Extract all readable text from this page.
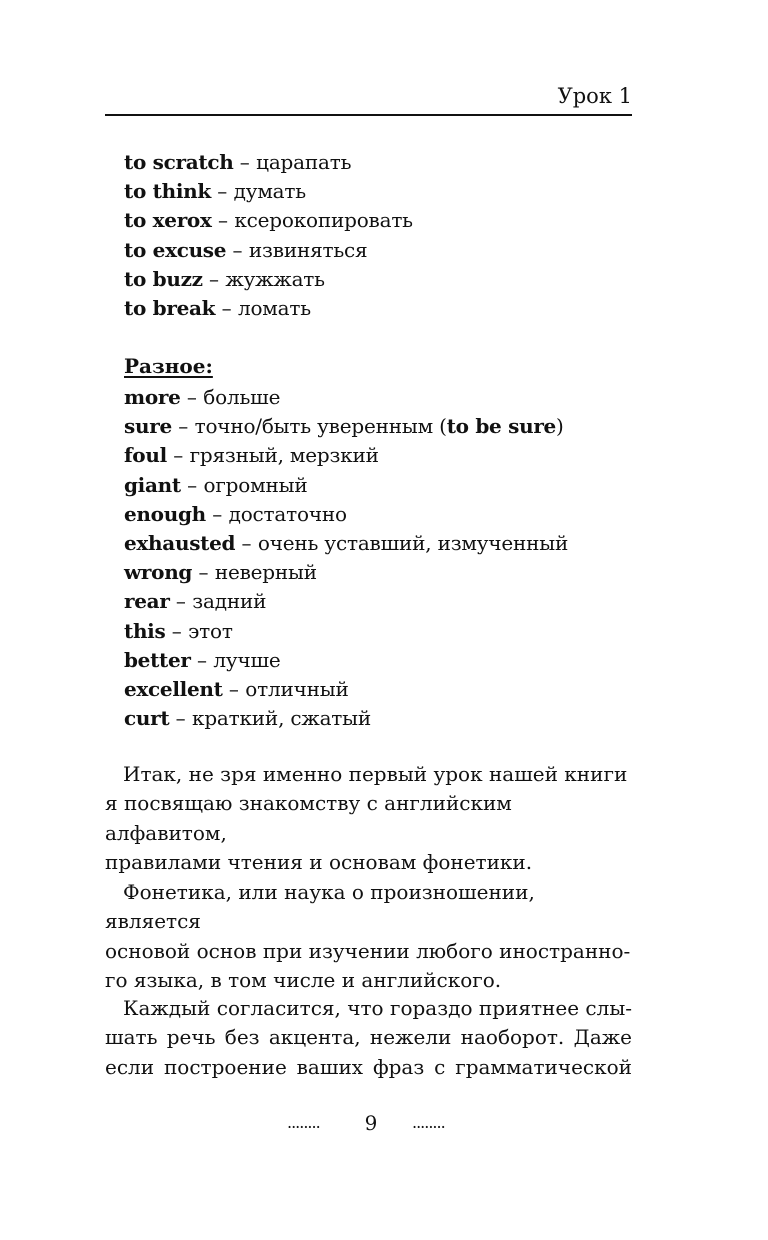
Урок 1
to scratch – царапать
to think – думать
to xerox – ксерокопировать
to excuse – извиняться
to buzz – жужжать
to break – ломать
Разное:
more – больше
sure – точно/быть уверенным (to be sure)
foul – грязный, мерзкий
giant – огромный
enough – достаточно
exhausted – очень уставший, измученный
wrong – неверный
rear – задний
this – этот
better – лучше
excellent – отличный
curt – краткий, сжатый
Итак, не зря именно первый урок нашей книги
я посвящаю знакомству с английским алфавитом,
правилами чтения и основам фонетики.
Фонетика, или наука о произношении, является
основой основ при изучении любого иностранно-
го языка, в том числе и английского.
Каждый согласится, что гораздо приятнее слы-
шать речь без акцента, нежели наоборот. Даже
если построение ваших фраз с грамматической
........ 9 ........
